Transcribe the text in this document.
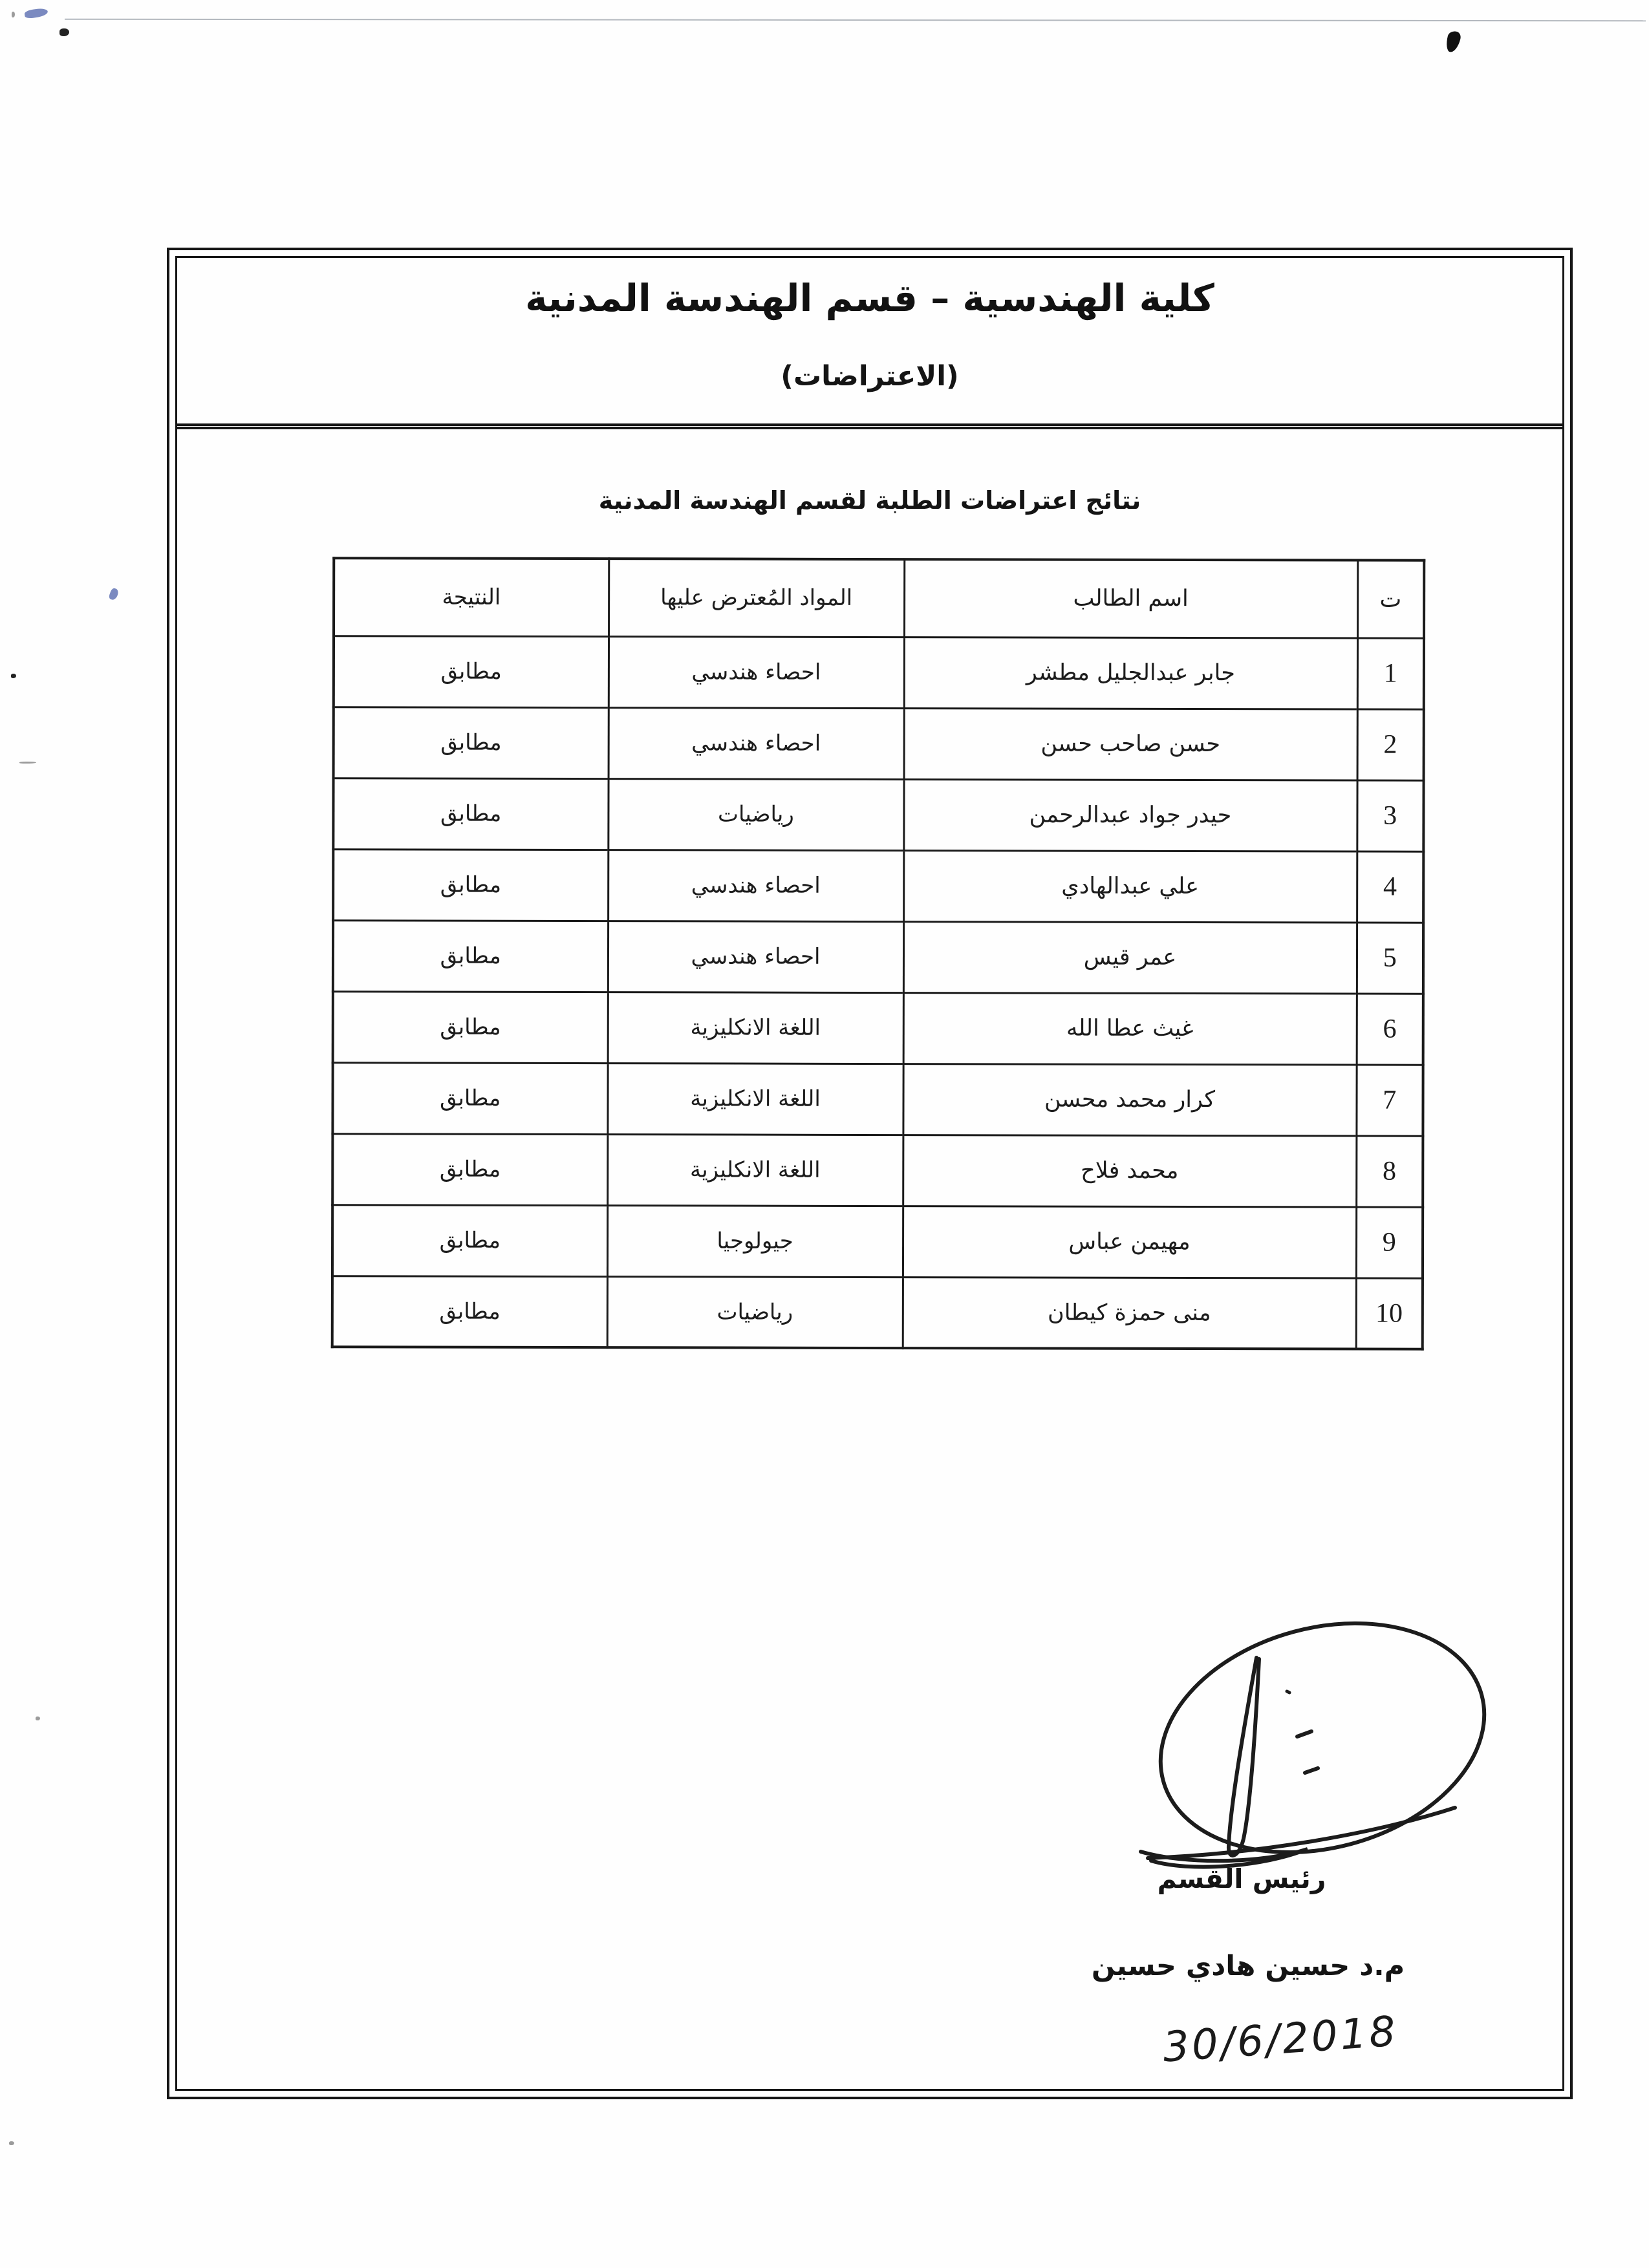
كلية الهندسية – قسم الهندسة المدنية
(الاعتراضات)
نتائج اعتراضات الطلبة لقسم الهندسة المدنية
ت	اسم الطالب	المواد المُعترض عليها	النتيجة
1	جابر عبدالجليل مطشر	احصاء هندسي	مطابق
2	حسن صاحب حسن	احصاء هندسي	مطابق
3	حيدر جواد عبدالرحمن	رياضيات	مطابق
4	علي عبدالهادي	احصاء هندسي	مطابق
5	عمر قيس	احصاء هندسي	مطابق
6	غيث عطا الله	اللغة الانكليزية	مطابق
7	كرار محمد محسن	اللغة الانكليزية	مطابق
8	محمد فلاح	اللغة الانكليزية	مطابق
9	مهيمن عباس	جيولوجيا	مطابق
10	منى حمزة كيطان	رياضيات	مطابق
رئيس القسم
م.د حسين هادي حسين
30/6/2018
